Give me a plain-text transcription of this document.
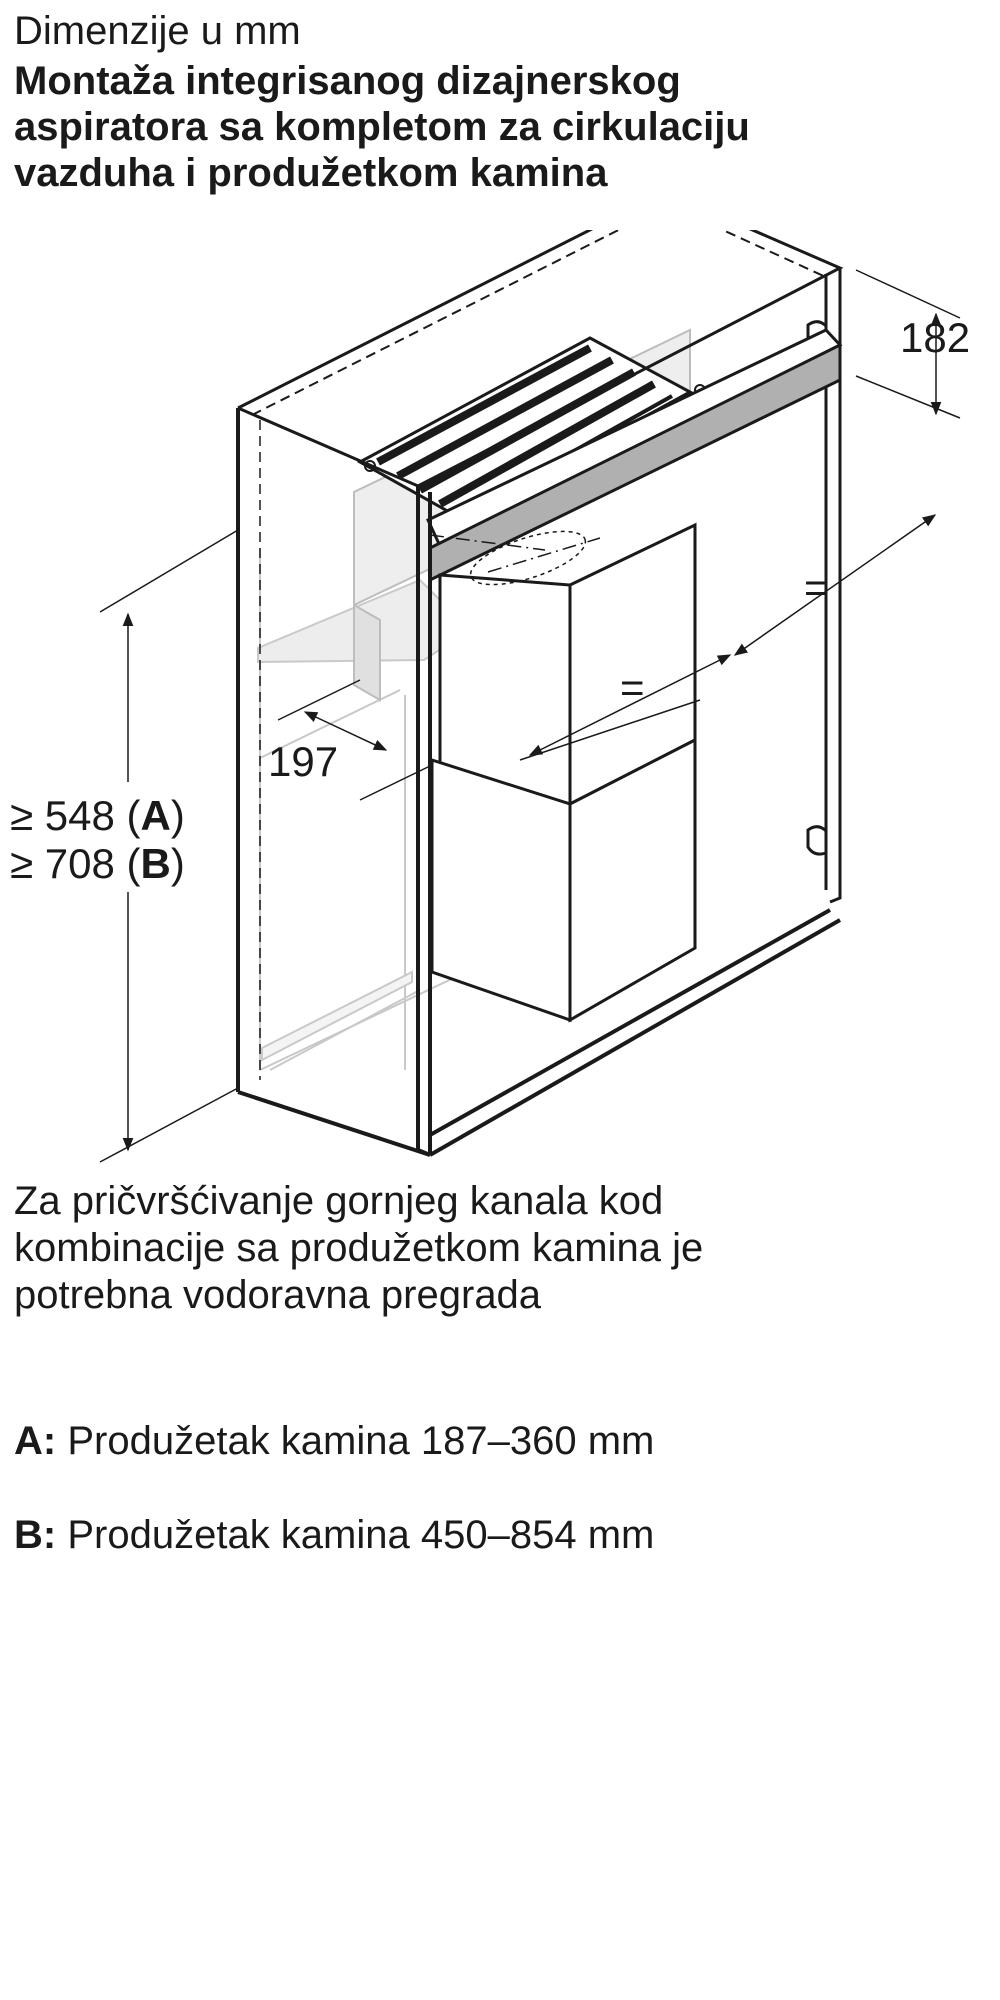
Dimenzije u mm
Montaža integrisanog dizajnerskog
aspiratora sa kompletom za cirkulaciju
vazduha i produžetkom kamina
182
197
=
=
≥ 548 (A)
≥ 708 (B)
Za pričvršćivanje gornjeg kanala kod
kombinacije sa produžetkom kamina je
potrebna vodoravna pregrada
A: Produžetak kamina 187–360 mm
B: Produžetak kamina 450–854 mm
